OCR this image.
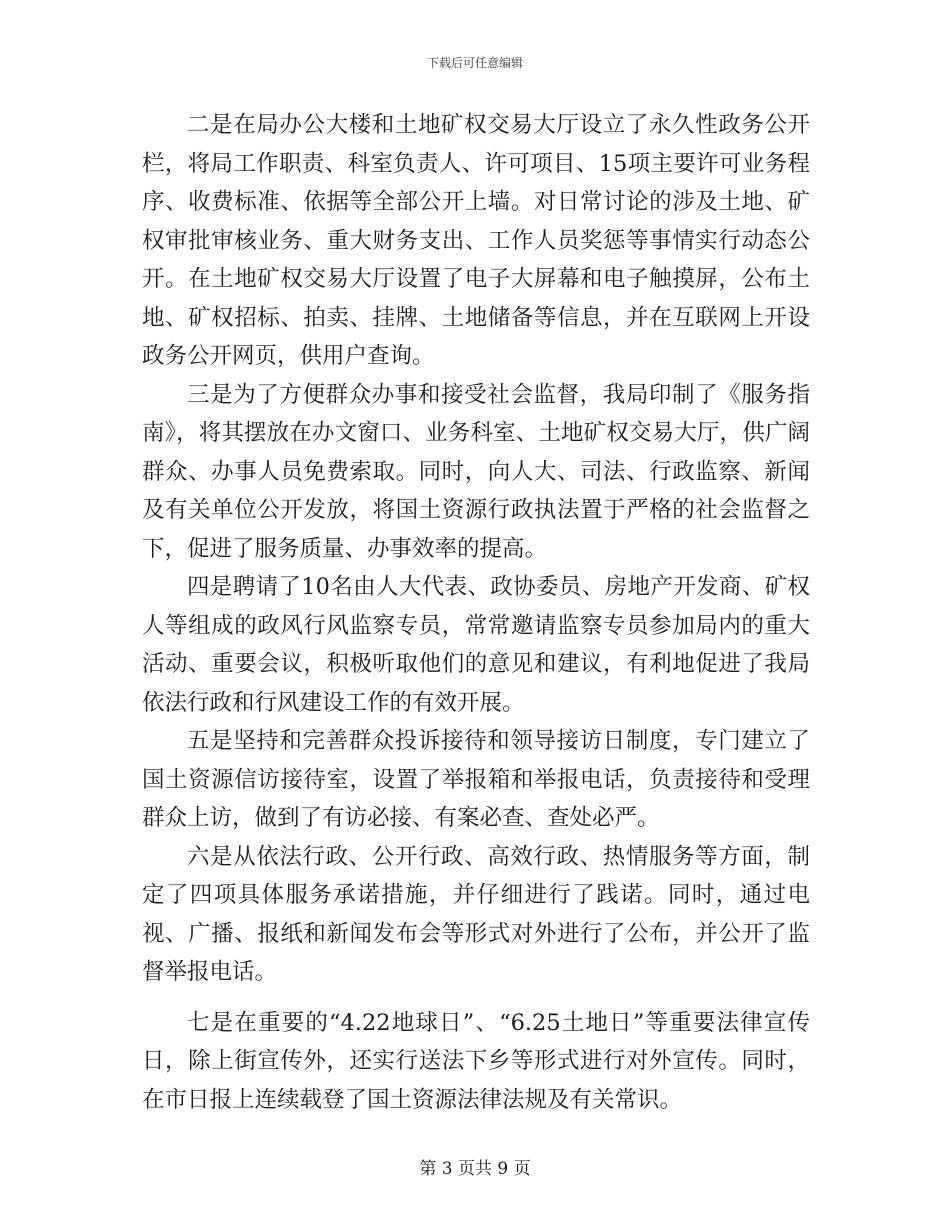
下载后可任意编辑

二是在局办公大楼和土地矿权交易大厅设立了永久性政务公开栏，将局工作职责、科室负责人、许可项目、15项主要许可业务程序、收费标准、依据等全部公开上墙。对日常讨论的涉及土地、矿权审批审核业务、重大财务支出、工作人员奖惩等事情实行动态公开。在土地矿权交易大厅设置了电子大屏幕和电子触摸屏，公布土地、矿权招标、拍卖、挂牌、土地储备等信息，并在互联网上开设政务公开网页，供用户查询。

三是为了方便群众办事和接受社会监督，我局印制了《服务指南》，将其摆放在办文窗口、业务科室、土地矿权交易大厅，供广阔群众、办事人员免费索取。同时，向人大、司法、行政监察、新闻及有关单位公开发放，将国土资源行政执法置于严格的社会监督之下，促进了服务质量、办事效率的提高。

四是聘请了10名由人大代表、政协委员、房地产开发商、矿权人等组成的政风行风监察专员，常常邀请监察专员参加局内的重大活动、重要会议，积极听取他们的意见和建议，有利地促进了我局依法行政和行风建设工作的有效开展。

五是坚持和完善群众投诉接待和领导接访日制度，专门建立了国土资源信访接待室，设置了举报箱和举报电话，负责接待和受理群众上访，做到了有访必接、有案必查、查处必严。

六是从依法行政、公开行政、高效行政、热情服务等方面，制定了四项具体服务承诺措施，并仔细进行了践诺。同时，通过电视、广播、报纸和新闻发布会等形式对外进行了公布，并公开了监督举报电话。

七是在重要的“4.22地球日”、“6.25土地日”等重要法律宣传日，除上街宣传外，还实行送法下乡等形式进行对外宣传。同时，在市日报上连续载登了国土资源法律法规及有关常识。

第 3 页共 9 页
